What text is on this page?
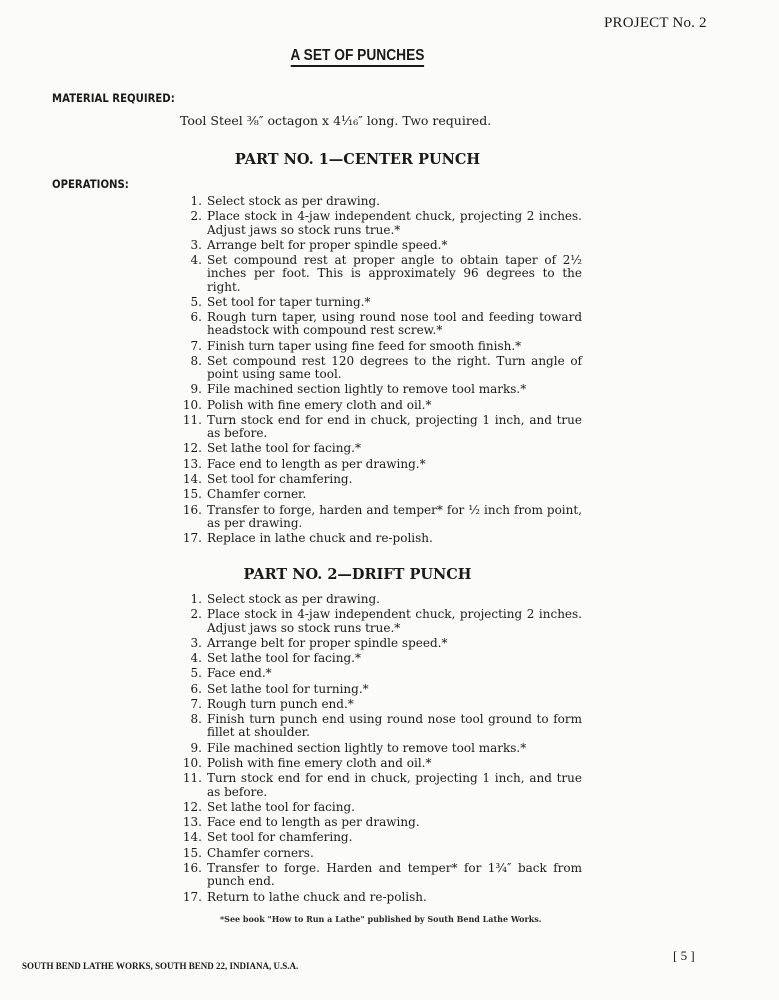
PROJECT No. 2
A SET OF PUNCHES
MATERIAL REQUIRED:
Tool Steel ⅜″ octagon x 4¹⁄₁₆″ long. Two required.
PART NO. 1—CENTER PUNCH
OPERATIONS:
1. Select stock as per drawing.
2. Place stock in 4-jaw independent chuck, projecting 2 inches. Adjust jaws so stock runs true.*
3. Arrange belt for proper spindle speed.*
4. Set compound rest at proper angle to obtain taper of 2½ inches per foot. This is approximately 96 degrees to the right.
5. Set tool for taper turning.*
6. Rough turn taper, using round nose tool and feeding toward headstock with compound rest screw.*
7. Finish turn taper using fine feed for smooth finish.*
8. Set compound rest 120 degrees to the right. Turn angle of point using same tool.
9. File machined section lightly to remove tool marks.*
10. Polish with fine emery cloth and oil.*
11. Turn stock end for end in chuck, projecting 1 inch, and true as before.
12. Set lathe tool for facing.*
13. Face end to length as per drawing.*
14. Set tool for chamfering.
15. Chamfer corner.
16. Transfer to forge, harden and temper* for ½ inch from point, as per drawing.
17. Replace in lathe chuck and re-polish.
PART NO. 2—DRIFT PUNCH
1. Select stock as per drawing.
2. Place stock in 4-jaw independent chuck, projecting 2 inches. Adjust jaws so stock runs true.*
3. Arrange belt for proper spindle speed.*
4. Set lathe tool for facing.*
5. Face end.*
6. Set lathe tool for turning.*
7. Rough turn punch end.*
8. Finish turn punch end using round nose tool ground to form fillet at shoulder.
9. File machined section lightly to remove tool marks.*
10. Polish with fine emery cloth and oil.*
11. Turn stock end for end in chuck, projecting 1 inch, and true as before.
12. Set lathe tool for facing.
13. Face end to length as per drawing.
14. Set tool for chamfering.
15. Chamfer corners.
16. Transfer to forge. Harden and temper* for 1¾″ back from punch end.
17. Return to lathe chuck and re-polish.
*See book "How to Run a Lathe" published by South Bend Lathe Works.
SOUTH BEND LATHE WORKS, SOUTH BEND 22, INDIANA, U.S.A.
[ 5 ]
